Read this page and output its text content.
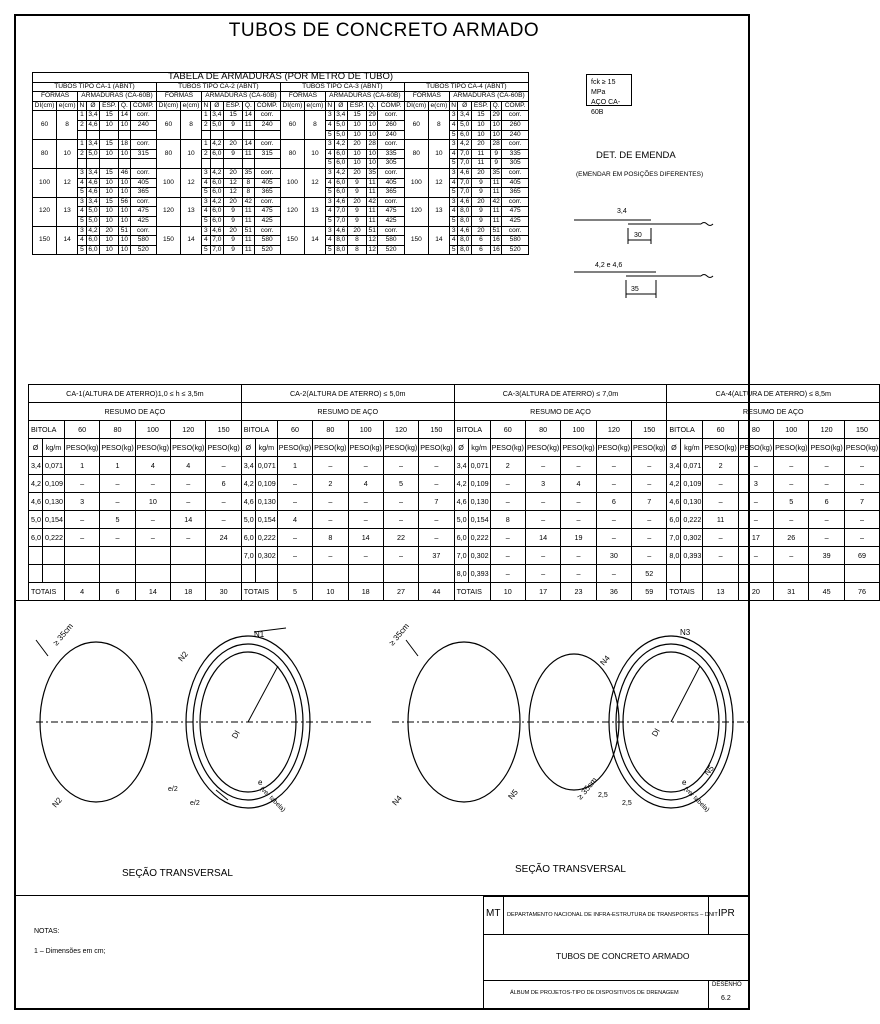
TUBOS DE CONCRETO ARMADO
TABELA DE ARMADURAS (POR METRO DE TUBO)																											
TUBOS TIPO CA-1 (ABNT)							TUBOS TIPO CA-2 (ABNT)							TUBOS TIPO CA-3 (ABNT)							TUBOS TIPO CA-4 (ABNT)						
FORMAS		ARMADURAS (CA-60B)					FORMAS		ARMADURAS (CA-60B)					FORMAS		ARMADURAS (CA-60B)					FORMAS		ARMADURAS (CA-60B)				
DI(cm)	e(cm)	N	Ø	ESP.	Q.	COMP.	DI(cm)	e(cm)	N	Ø	ESP.	Q.	COMP.	DI(cm)	e(cm)	N	Ø	ESP.	Q.	COMP.	DI(cm)	e(cm)	N	Ø	ESP.	Q.	COMP.
60	8	1	3,4	15	14	corr.	60	8	1	3,4	15	14	corr.	60	8	3	3,4	15	29	corr.	60	8	3	3,4	15	29	corr.
		2	4,6	10	10	240			2	5,0	9	11	240			4	5,0	10	10	260			4	5,0	10	10	260
																5	5,0	10	10	240			5	6,0	10	10	240
80	10	1	3,4	15	18	corr.	80	10	1	4,2	20	14	corr.	80	10	3	4,2	20	28	corr.	80	10	3	4,2	20	28	corr.
		2	5,0	10	10	315			2	6,0	9	11	315			4	6,0	10	10	335			4	7,0	11	9	335
																5	6,0	10	10	305			5	7,0	11	9	305
100	12	3	3,4	15	46	corr.	100	12	3	4,2	20	35	corr.	100	12	3	4,2	20	35	corr.	100	12	3	4,6	20	35	corr.
		4	4,6	10	10	405			4	6,0	12	8	405			4	6,0	9	11	405			4	7,0	9	11	405
		5	4,6	10	10	365			5	6,0	12	8	365			5	6,0	9	11	365			5	7,0	9	11	365
120	13	3	3,4	15	56	corr.	120	13	3	4,2	20	42	corr.	120	13	3	4,6	20	42	corr.	120	13	3	4,6	20	42	corr.
		4	5,0	10	10	475			4	6,0	9	11	475			4	7,0	9	11	475			4	8,0	9	11	475
		5	5,0	10	10	425			5	6,0	9	11	425			5	7,0	9	11	425			5	8,0	9	11	425
150	14	3	4,2	20	51	corr.	150	14	3	4,6	20	51	corr.	150	14	3	4,6	20	51	corr.	150	14	3	4,6	20	51	corr.
		4	6,0	10	10	580			4	7,0	9	11	580			4	8,0	8	12	580			4	8,0	6	16	580
		5	6,0	10	10	520			5	7,0	9	11	520			5	8,0	8	12	520			5	8,0	6	16	520
fck ≥ 15 MPa
AÇO CA-60B
DET. DE EMENDA
(EMENDAR EM POSIÇÕES DIFERENTES)
3,4
30
4,2 e 4,6
35
CA-1(ALTURA DE ATERRO)1,0 ≤ h ≤ 3,5m							CA-2(ALTURA DE ATERRO) ≤ 5,0m							CA-3(ALTURA DE ATERRO) ≤ 7,0m							CA-4(ALTURA DE ATERRO) ≤ 8,5m						
RESUMO DE AÇO							RESUMO DE AÇO							RESUMO DE AÇO							RESUMO DE AÇO						
BITOLA		60	80	100	120	150	BITOLA		60	80	100	120	150	BITOLA		60	80	100	120	150	BITOLA		60	80	100	120	150
Ø	kg/m	PESO(kg)	PESO(kg)	PESO(kg)	PESO(kg)	PESO(kg)	Ø	kg/m	PESO(kg)	PESO(kg)	PESO(kg)	PESO(kg)	PESO(kg)	Ø	kg/m	PESO(kg)	PESO(kg)	PESO(kg)	PESO(kg)	PESO(kg)	Ø	kg/m	PESO(kg)	PESO(kg)	PESO(kg)	PESO(kg)	PESO(kg)
3,4	0,071	1	1	4	4	–	3,4	0,071	1	–	–	–	–	3,4	0,071	2	–	–	–	–	3,4	0,071	2	–	–	–	–
4,2	0,109	–	–	–	–	6	4,2	0,109	–	2	4	5	–	4,2	0,109	–	3	4	–	–	4,2	0,109	–	3	–	–	–
4,6	0,130	3	–	10	–	–	4,6	0,130	–	–	–	–	7	4,6	0,130	–	–	–	6	7	4,6	0,130	–	–	5	6	7
5,0	0,154	–	5	–	14	–	5,0	0,154	4	–	–	–	–	5,0	0,154	8	–	–	–	–	6,0	0,222	11	–	–	–	–
6,0	0,222	–	–	–	–	24	6,0	0,222	–	8	14	22	–	6,0	0,222	–	14	19	–	–	7,0	0,302	–	17	26	–	–
							7,0	0,302	–	–	–	–	37	7,0	0,302	–	–	–	30	–	8,0	0,393	–	–	–	39	69
														8,0	0,393	–	–	–	–	52							
TOTAIS		4	6	14	18	30	TOTAIS		5	10	18	27	44	TOTAIS		10	17	23	36	59	TOTAIS		13	20	31	45	76
≥ 35cm	N1
N2
N2
DI
e/2
e/2
e
(ver tabela)
SEÇÃO TRANSVERSAL
≥ 35cm	N3
N4
N4	N5	≥ 35cm
N5
DI
2,5
2,5
e
(ver tabela)
SEÇÃO TRANSVERSAL
NOTAS:
1 – Dimensões em cm;
MT DEPARTAMENTO NACIONAL DE INFRA-ESTRUTURA DE TRANSPORTES – DNIT IPR
TUBOS DE CONCRETO ARMADO
ÁLBUM DE PROJETOS-TIPO DE DISPOSITIVOS DE DRENAGEM
DESENHO
6.2
